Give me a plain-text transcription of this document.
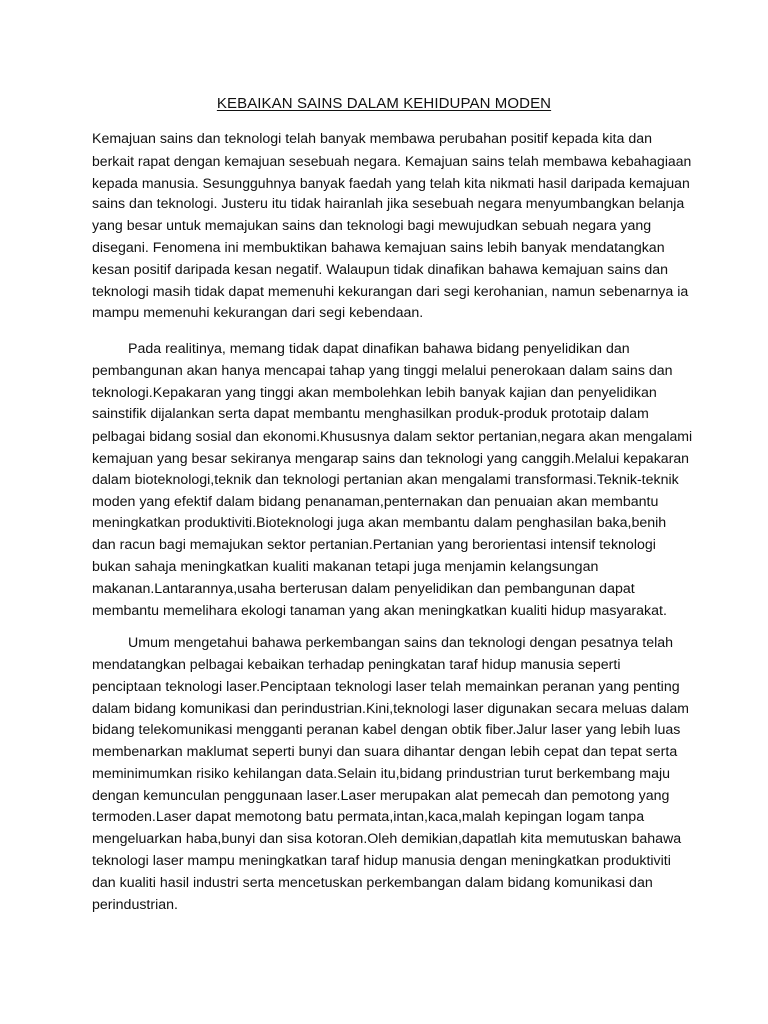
KEBAIKAN SAINS DALAM KEHIDUPAN MODEN
Kemajuan sains dan teknologi telah banyak membawa perubahan positif kepada kita dan
berkait rapat dengan kemajuan sesebuah negara. Kemajuan sains telah membawa kebahagiaan
kepada manusia. Sesungguhnya banyak faedah yang telah kita nikmati hasil daripada kemajuan
sains dan teknologi. Justeru itu tidak hairanlah jika sesebuah negara menyumbangkan belanja
yang besar untuk memajukan sains dan teknologi bagi mewujudkan sebuah negara yang
disegani. Fenomena ini membuktikan bahawa kemajuan sains lebih banyak mendatangkan
kesan positif daripada kesan negatif. Walaupun tidak dinafikan bahawa kemajuan sains dan
teknologi masih tidak dapat memenuhi kekurangan dari segi kerohanian, namun sebenarnya ia
mampu memenuhi kekurangan dari segi kebendaan.
Pada realitinya, memang tidak dapat dinafikan bahawa bidang penyelidikan dan
pembangunan akan hanya mencapai tahap yang tinggi melalui penerokaan dalam sains dan
teknologi.Kepakaran yang tinggi akan membolehkan lebih banyak kajian dan penyelidikan
sainstifik dijalankan serta dapat membantu menghasilkan produk-produk prototaip dalam
pelbagai bidang sosial dan ekonomi.Khususnya dalam sektor pertanian,negara akan mengalami
kemajuan yang besar sekiranya mengarap sains dan teknologi yang canggih.Melalui kepakaran
dalam bioteknologi,teknik dan teknologi pertanian akan mengalami transformasi.Teknik-teknik
moden yang efektif dalam bidang penanaman,penternakan dan penuaian akan membantu
meningkatkan produktiviti.Bioteknologi juga akan membantu dalam penghasilan baka,benih
dan racun bagi memajukan sektor pertanian.Pertanian yang berorientasi intensif teknologi
bukan sahaja meningkatkan kualiti makanan tetapi juga menjamin kelangsungan
makanan.Lantarannya,usaha berterusan dalam penyelidikan dan pembangunan dapat
membantu memelihara ekologi tanaman yang akan meningkatkan kualiti hidup masyarakat.
Umum mengetahui bahawa perkembangan sains dan teknologi dengan pesatnya telah
mendatangkan pelbagai kebaikan terhadap peningkatan taraf hidup manusia seperti
penciptaan teknologi laser.Penciptaan teknologi laser telah memainkan peranan yang penting
dalam bidang komunikasi dan perindustrian.Kini,teknologi laser digunakan secara meluas dalam
bidang telekomunikasi mengganti peranan kabel dengan obtik fiber.Jalur laser yang lebih luas
membenarkan maklumat seperti bunyi dan suara dihantar dengan lebih cepat dan tepat serta
meminimumkan risiko kehilangan data.Selain itu,bidang prindustrian turut berkembang maju
dengan kemunculan penggunaan laser.Laser merupakan alat pemecah dan pemotong yang
termoden.Laser dapat memotong batu permata,intan,kaca,malah kepingan logam tanpa
mengeluarkan haba,bunyi dan sisa kotoran.Oleh demikian,dapatlah kita memutuskan bahawa
teknologi laser mampu meningkatkan taraf hidup manusia dengan meningkatkan produktiviti
dan kualiti hasil industri serta mencetuskan perkembangan dalam bidang komunikasi dan
perindustrian.
